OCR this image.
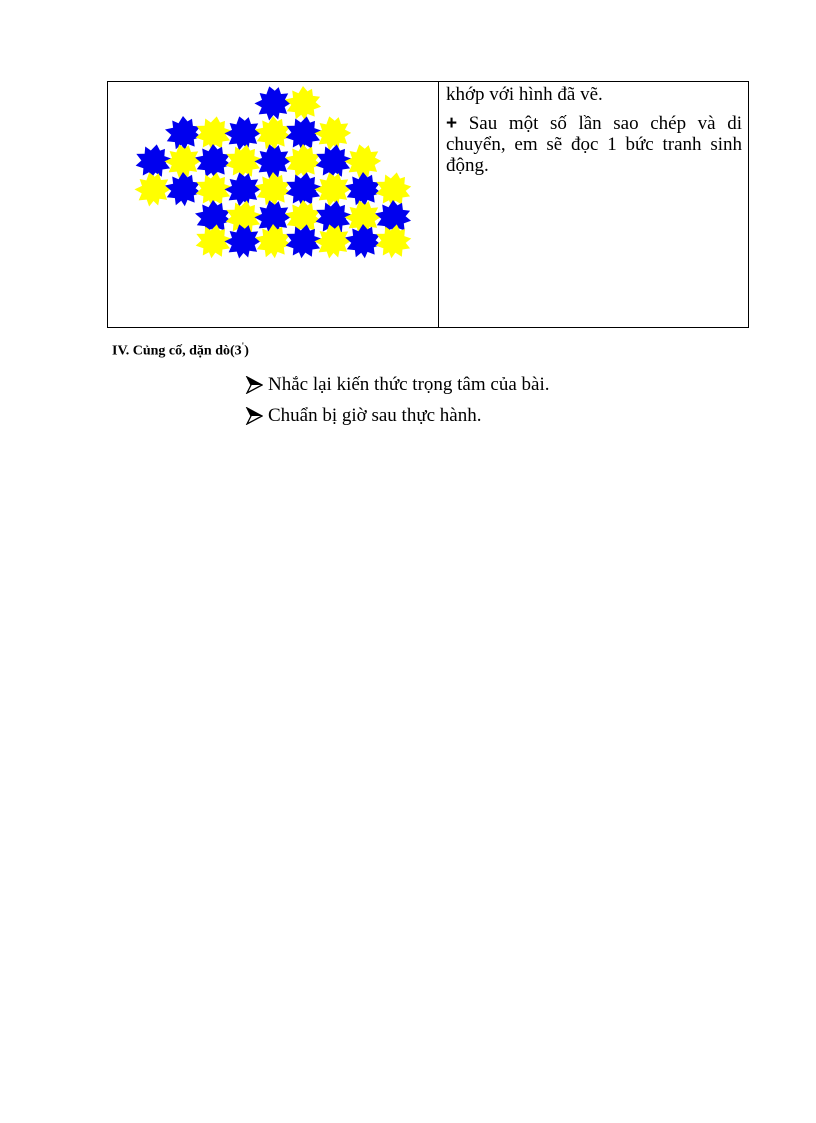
khớp với hình đã vẽ.

+ Sau một số lần sao chép và di chuyển, em sẽ đọc 1 bức tranh sinh động.

IV. Củng cố, dặn dò(3')
Nhắc lại kiến thức trọng tâm của bài.
Chuẩn bị giờ sau thực hành.
